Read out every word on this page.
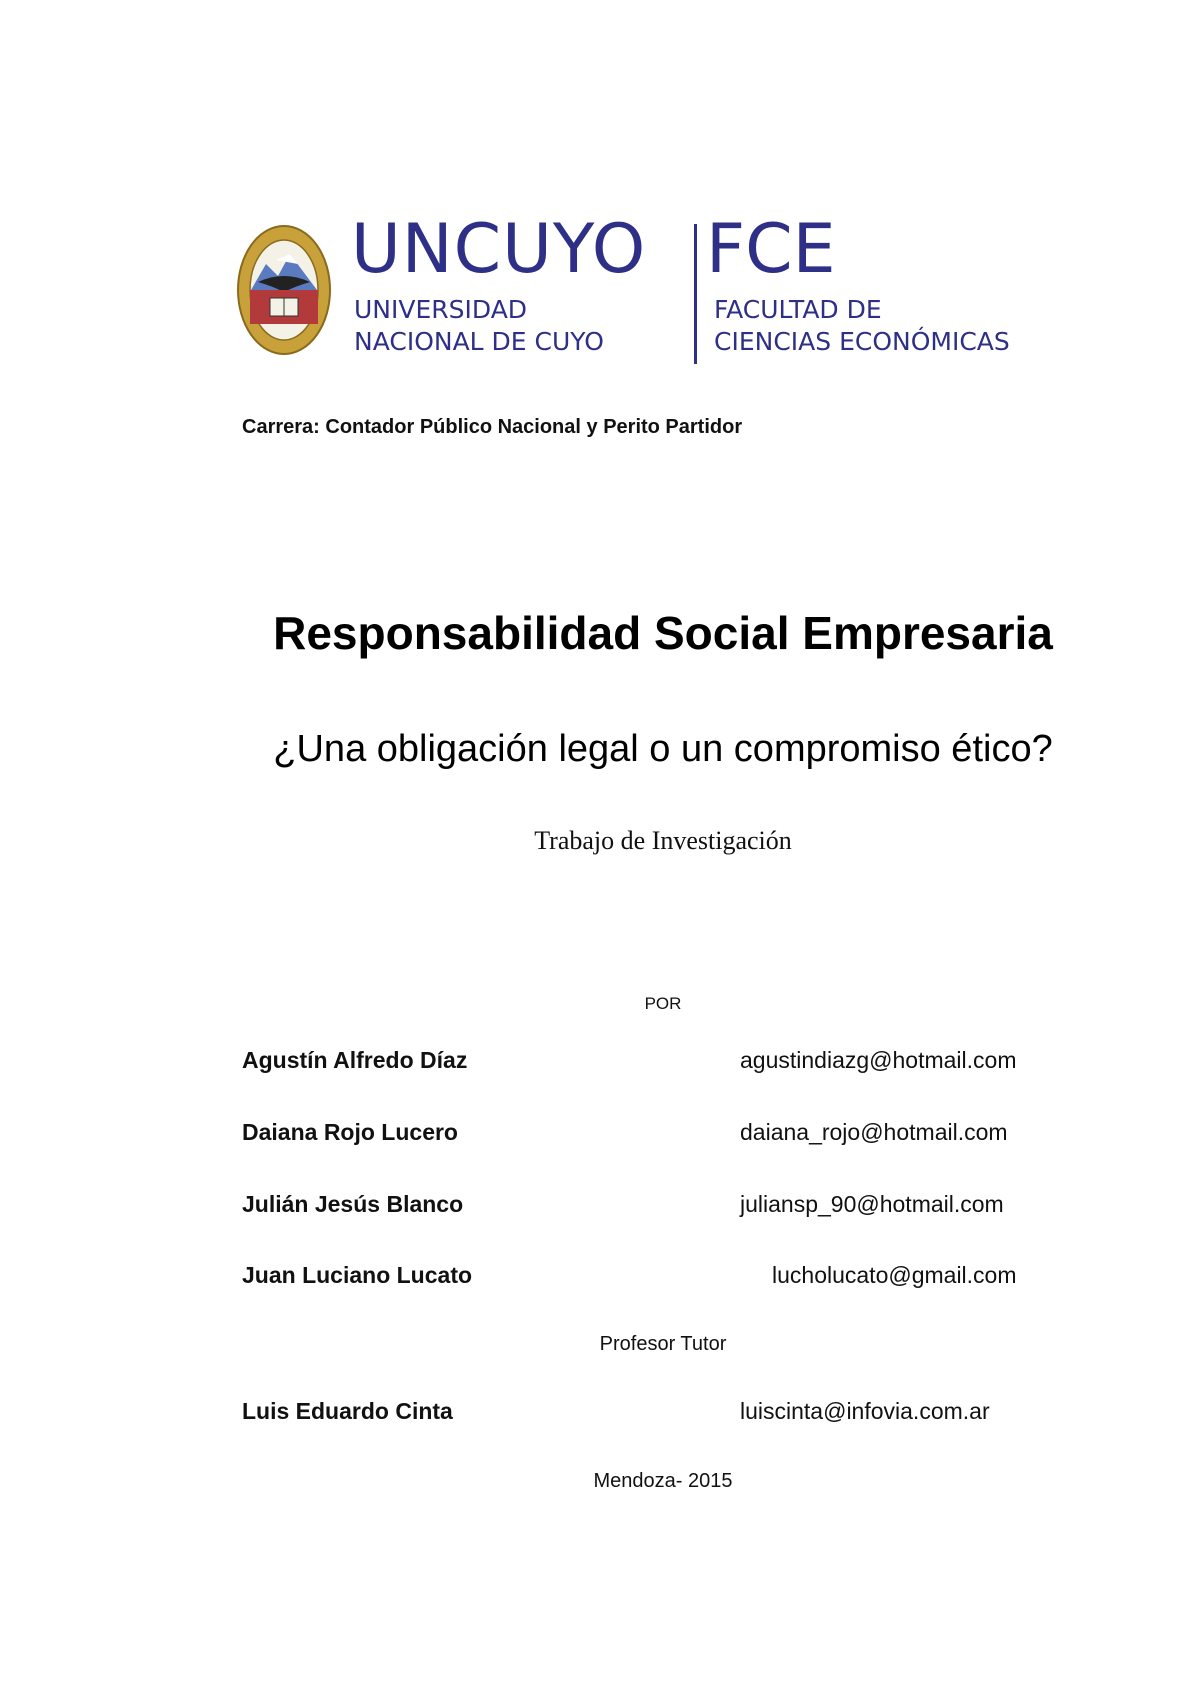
UNCUYO
UNIVERSIDAD
NACIONAL DE CUYO
FCE
FACULTAD DE
CIENCIAS ECONÓMICAS
Carrera: Contador Público Nacional y Perito Partidor
Responsabilidad Social Empresaria
¿Una obligación legal o un compromiso ético?
Trabajo de Investigación
POR
Agustín Alfredo Díaz	agustindiazg@hotmail.com
Daiana Rojo Lucero	daiana_rojo@hotmail.com
Julián Jesús Blanco	juliansp_90@hotmail.com
Juan Luciano Lucato	lucholucato@gmail.com
Profesor Tutor
Luis Eduardo Cinta	luiscinta@infovia.com.ar
Mendoza- 2015
